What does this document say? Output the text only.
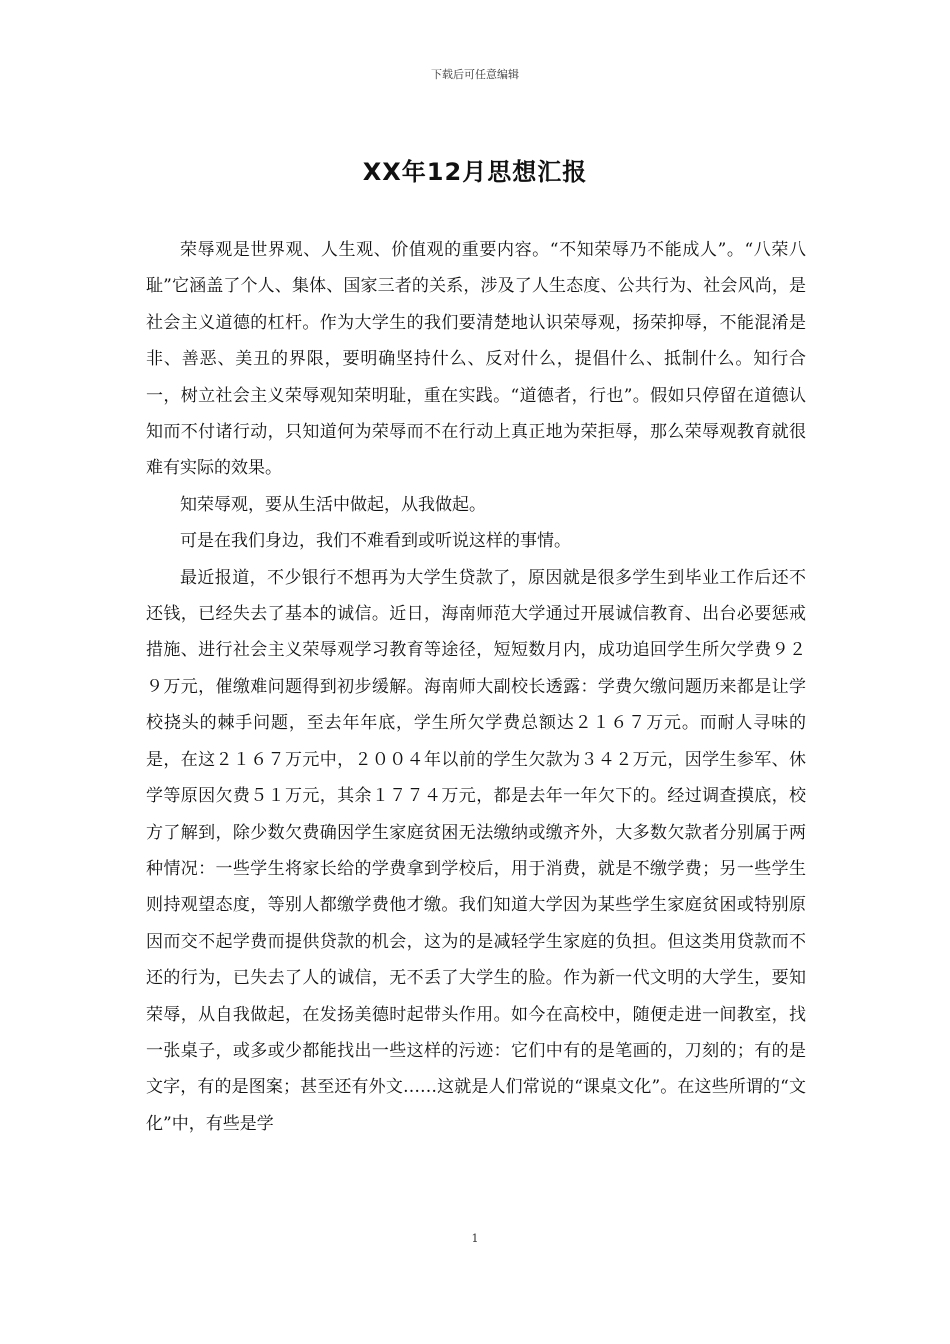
下载后可任意编辑
XX年12月思想汇报

荣辱观是世界观、人生观、价值观的重要内容。“不知荣辱乃不能成人”。“八荣八耻”它涵盖了个人、集体、国家三者的关系，涉及了人生态度、公共行为、社会风尚，是社会主义道德的杠杆。作为大学生的我们要清楚地认识荣辱观，扬荣抑辱，不能混淆是非、善恶、美丑的界限，要明确坚持什么、反对什么，提倡什么、抵制什么。知行合一，树立社会主义荣辱观知荣明耻，重在实践。“道德者，行也”。假如只停留在道德认知而不付诸行动，只知道何为荣辱而不在行动上真正地为荣拒辱，那么荣辱观教育就很难有实际的效果。

知荣辱观，要从生活中做起，从我做起。

可是在我们身边，我们不难看到或听说这样的事情。

最近报道，不少银行不想再为大学生贷款了，原因就是很多学生到毕业工作后还不还钱，已经失去了基本的诚信。近日，海南师范大学通过开展诚信教育、出台必要惩戒措施、进行社会主义荣辱观学习教育等途径，短短数月内，成功追回学生所欠学费９２９万元，催缴难问题得到初步缓解。海南师大副校长透露：学费欠缴问题历来都是让学校挠头的棘手问题，至去年年底，学生所欠学费总额达２１６７万元。而耐人寻味的是，在这２１６７万元中，２００４年以前的学生欠款为３４２万元，因学生参军、休学等原因欠费５１万元，其余１７７４万元，都是去年一年欠下的。经过调查摸底，校方了解到，除少数欠费确因学生家庭贫困无法缴纳或缴齐外，大多数欠款者分别属于两种情况：一些学生将家长给的学费拿到学校后，用于消费，就是不缴学费；另一些学生则持观望态度，等别人都缴学费他才缴。我们知道大学因为某些学生家庭贫困或特别原因而交不起学费而提供贷款的机会，这为的是减轻学生家庭的负担。但这类用贷款而不还的行为，已失去了人的诚信，无不丢了大学生的脸。作为新一代文明的大学生，要知荣辱，从自我做起，在发扬美德时起带头作用。如今在高校中，随便走进一间教室，找一张桌子，或多或少都能找出一些这样的污迹：它们中有的是笔画的，刀刻的；有的是文字，有的是图案；甚至还有外文……这就是人们常说的“课桌文化”。在这些所谓的“文化”中，有些是学

1
